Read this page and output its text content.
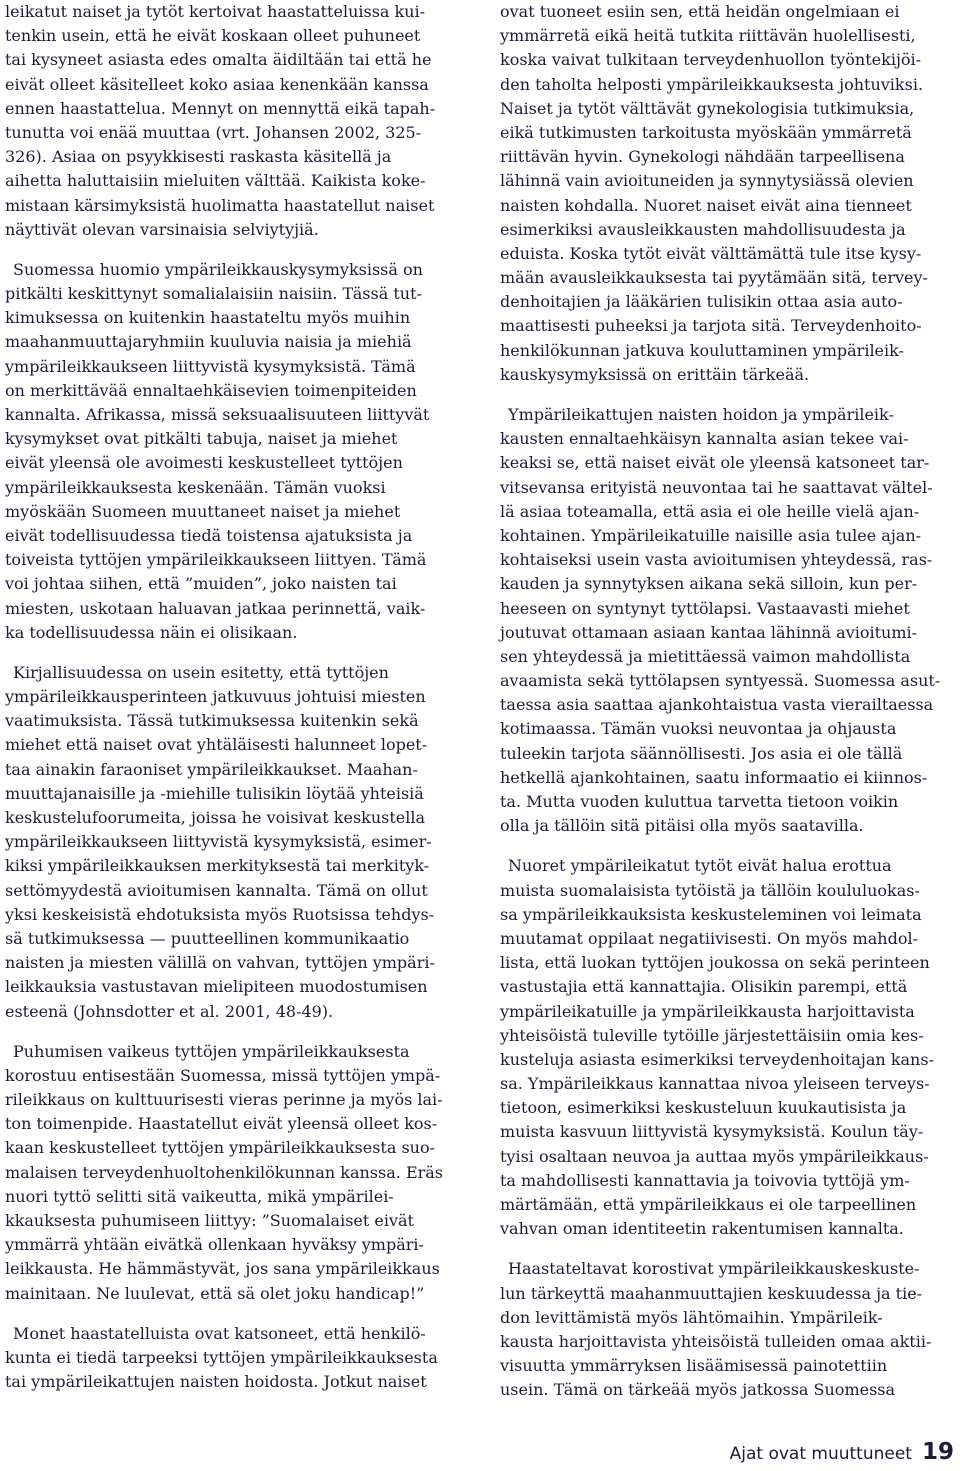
leikatut naiset ja tytöt kertoivat haastatteluissa kui-
tenkin usein, että he eivät koskaan olleet puhuneet
tai kysyneet asiasta edes omalta äidiltään tai että he
eivät olleet käsitelleet koko asiaa kenenkään kanssa
ennen haastattelua. Mennyt on mennyttä eikä tapah-
tunutta voi enää muuttaa (vrt. Johansen 2002, 325-
326). Asiaa on psyykkisesti raskasta käsitellä ja
aihetta haluttaisiin mieluiten välttää. Kaikista koke-
mistaan kärsimyksistä huolimatta haastatellut naiset
näyttivät olevan varsinaisia selviytyjiä.
Suomessa huomio ympärileikkauskysymyksissä on
pitkälti keskittynyt somalialaisiin naisiin. Tässä tut-
kimuksessa on kuitenkin haastateltu myös muihin
maahanmuuttajaryhmiin kuuluvia naisia ja miehiä
ympärileikkaukseen liittyvistä kysymyksistä. Tämä
on merkittävää ennaltaehkäisevien toimenpiteiden
kannalta. Afrikassa, missä seksuaalisuuteen liittyvät
kysymykset ovat pitkälti tabuja, naiset ja miehet
eivät yleensä ole avoimesti keskustelleet tyttöjen
ympärileikkauksesta keskenään. Tämän vuoksi
myöskään Suomeen muuttaneet naiset ja miehet
eivät todellisuudessa tiedä toistensa ajatuksista ja
toiveista tyttöjen ympärileikkaukseen liittyen. Tämä
voi johtaa siihen, että ”muiden”, joko naisten tai
miesten, uskotaan haluavan jatkaa perinnettä, vaik-
ka todellisuudessa näin ei olisikaan.
Kirjallisuudessa on usein esitetty, että tyttöjen
ympärileikkausperinteen jatkuvuus johtuisi miesten
vaatimuksista. Tässä tutkimuksessa kuitenkin sekä
miehet että naiset ovat yhtäläisesti halunneet lopet-
taa ainakin faraoniset ympärileikkaukset. Maahan-
muuttajanaisille ja -miehille tulisikin löytää yhteisiä
keskustelufoorumeita, joissa he voisivat keskustella
ympärileikkaukseen liittyvistä kysymyksistä, esimer-
kiksi ympärileikkauksen merkityksestä tai merkityk-
settömyydestä avioitumisen kannalta. Tämä on ollut
yksi keskeisistä ehdotuksista myös Ruotsissa tehdys-
sä tutkimuksessa — puutteellinen kommunikaatio
naisten ja miesten välillä on vahvan, tyttöjen ympäri-
leikkauksia vastustavan mielipiteen muodostumisen
esteenä (Johnsdotter et al. 2001, 48-49).
Puhumisen vaikeus tyttöjen ympärileikkauksesta
korostuu entisestään Suomessa, missä tyttöjen ympä-
rileikkaus on kulttuurisesti vieras perinne ja myös lai-
ton toimenpide. Haastatellut eivät yleensä olleet kos-
kaan keskustelleet tyttöjen ympärileikkauksesta suo-
malaisen terveydenhuoltohenkilökunnan kanssa. Eräs
nuori tyttö selitti sitä vaikeutta, mikä ympärilei-
kkauksesta puhumiseen liittyy: ”Suomalaiset eivät
ymmärrä yhtään eivätkä ollenkaan hyväksy ympäri-
leikkausta. He hämmästyvät, jos sana ympärileikkaus
mainitaan. Ne luulevat, että sä olet joku handicap!”
Monet haastatelluista ovat katsoneet, että henkilö-
kunta ei tiedä tarpeeksi tyttöjen ympärileikkauksesta
tai ympärileikattujen naisten hoidosta. Jotkut naiset
ovat tuoneet esiin sen, että heidän ongelmiaan ei
ymmärretä eikä heitä tutkita riittävän huolellisesti,
koska vaivat tulkitaan terveydenhuollon työntekijöi-
den taholta helposti ympärileikkauksesta johtuviksi.
Naiset ja tytöt välttävät gynekologisia tutkimuksia,
eikä tutkimusten tarkoitusta myöskään ymmärretä
riittävän hyvin. Gynekologi nähdään tarpeellisena
lähinnä vain avioituneiden ja synnytysiässä olevien
naisten kohdalla. Nuoret naiset eivät aina tienneet
esimerkiksi avausleikkausten mahdollisuudesta ja
eduista. Koska tytöt eivät välttämättä tule itse kysy-
mään avausleikkauksesta tai pyytämään sitä, tervey-
denhoitajien ja lääkärien tulisikin ottaa asia auto-
maattisesti puheeksi ja tarjota sitä. Terveydenhoito-
henkilökunnan jatkuva kouluttaminen ympärileik-
kauskysymyksissä on erittäin tärkeää.
Ympärileikattujen naisten hoidon ja ympärileik-
kausten ennaltaehkäisyn kannalta asian tekee vai-
keaksi se, että naiset eivät ole yleensä katsoneet tar-
vitsevansa erityistä neuvontaa tai he saattavat vältel-
lä asiaa toteamalla, että asia ei ole heille vielä ajan-
kohtainen. Ympärileikatuille naisille asia tulee ajan-
kohtaiseksi usein vasta avioitumisen yhteydessä, ras-
kauden ja synnytyksen aikana sekä silloin, kun per-
heeseen on syntynyt tyttölapsi. Vastaavasti miehet
joutuvat ottamaan asiaan kantaa lähinnä avioitumi-
sen yhteydessä ja mietittäessä vaimon mahdollista
avaamista sekä tyttölapsen syntyessä. Suomessa asut-
taessa asia saattaa ajankohtaistua vasta vierailtaessa
kotimaassa. Tämän vuoksi neuvontaa ja ohjausta
tuleekin tarjota säännöllisesti. Jos asia ei ole tällä
hetkellä ajankohtainen, saatu informaatio ei kiinnos-
ta. Mutta vuoden kuluttua tarvetta tietoon voikin
olla ja tällöin sitä pitäisi olla myös saatavilla.
Nuoret ympärileikatut tytöt eivät halua erottua
muista suomalaisista tytöistä ja tällöin koululuokas-
sa ympärileikkauksista keskusteleminen voi leimata
muutamat oppilaat negatiivisesti. On myös mahdol-
lista, että luokan tyttöjen joukossa on sekä perinteen
vastustajia että kannattajia. Olisikin parempi, että
ympärileikatuille ja ympärileikkausta harjoittavista
yhteisöistä tuleville tytöille järjestettäisiin omia kes-
kusteluja asiasta esimerkiksi terveydenhoitajan kans-
sa. Ympärileikkaus kannattaa nivoa yleiseen terveys-
tietoon, esimerkiksi keskusteluun kuukautisista ja
muista kasvuun liittyvistä kysymyksistä. Koulun täy-
tyisi osaltaan neuvoa ja auttaa myös ympärileikkaus-
ta mahdollisesti kannattavia ja toivovia tyttöjä ym-
märtämään, että ympärileikkaus ei ole tarpeellinen
vahvan oman identiteetin rakentumisen kannalta.
Haastateltavat korostivat ympärileikkauskeskuste-
lun tärkeyttä maahanmuuttajien keskuudessa ja tie-
don levittämistä myös lähtömaihin. Ympärileik-
kausta harjoittavista yhteisöistä tulleiden omaa aktii-
visuutta ymmärryksen lisäämisessä painotettiin
usein. Tämä on tärkeää myös jatkossa Suomessa
Ajat ovat muuttuneet 19
